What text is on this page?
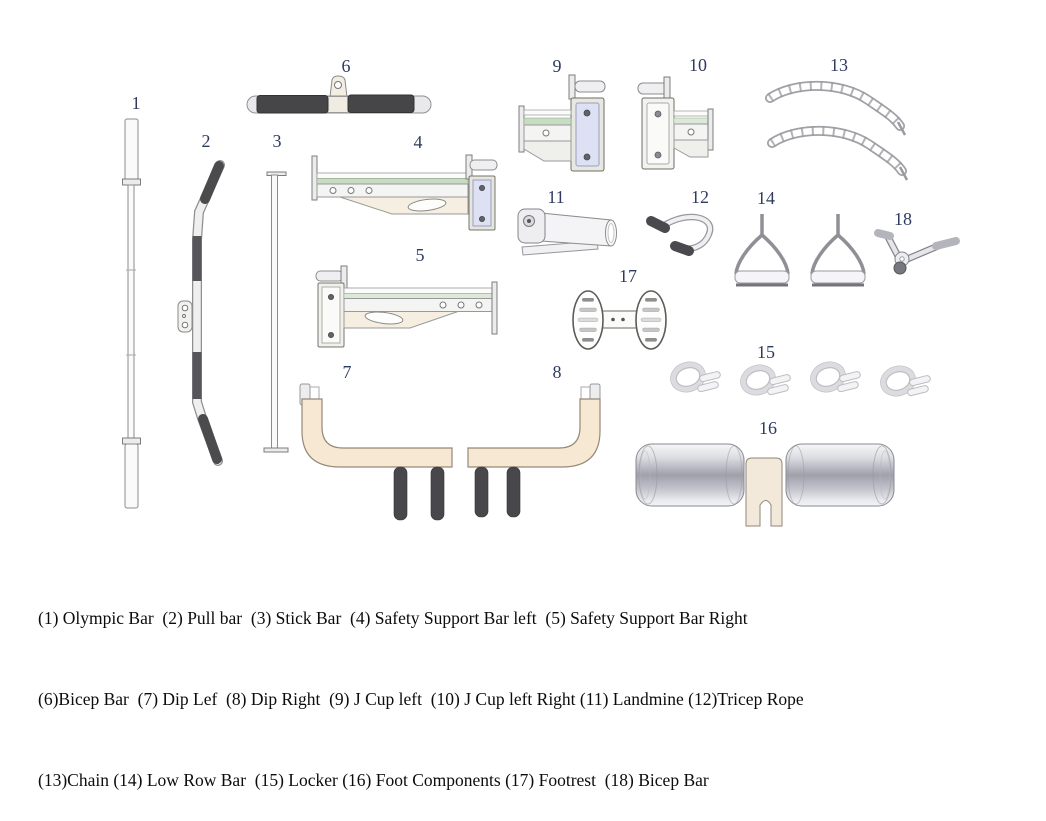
1
2	3	4
5
6
7	8
9	10
11	12
13
14
15
16
17
18

(1) Olympic Bar  (2) Pull bar  (3) Stick Bar  (4) Safety Support Bar left  (5) Safety Support Bar Right

(6)Bicep Bar  (7) Dip Lef  (8) Dip Right  (9) J Cup left  (10) J Cup left Right (11) Landmine (12)Tricep Rope

(13)Chain (14) Low Row Bar  (15) Locker (16) Foot Components (17) Footrest  (18) Bicep Bar
